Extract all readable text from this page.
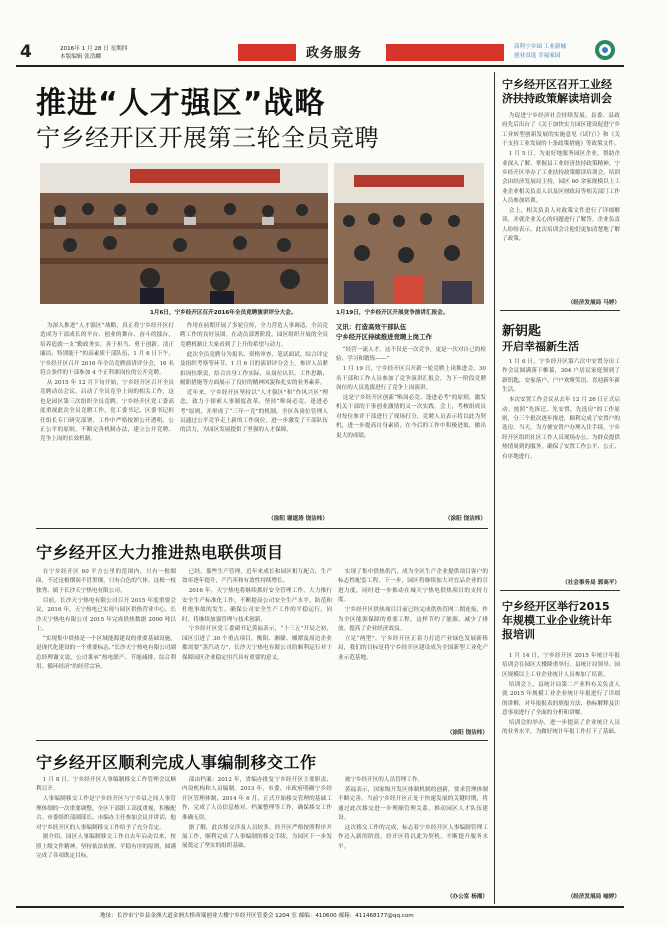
4	2016年 1 月 28 日 星期四
本版编辑 张浩麟	政务服务	高科宁乡园 工业新城
创业首选 幸福家园
推进“人才强区”战略
宁乡经开区开展第三轮全员竞聘
1月6日，宁乡经开区召开2016年全员竞聘演讲评分大会。	1月19日，宁乡经开区开展竞争演讲汇报会。

为深入推进“人才强区”战略，真正将宁乡经开区打造成为干部成长的平台、创业的舞台、奋斗的擂台，培养造就一支“勤政务实、善于担当、勇于创新、清正廉洁、特别能干”的高素质干部队伍，1 月 6 日下午，宁乡经开区召开 2016 年全员竞聘演讲评分会，16 名符合条件的干部参加 4 个正科职岗位的公开竞聘。

从 2015 年 12 月下旬开始，宁乡经开区召开全员竞聘动员会议，启动了全员竞争上岗的相关工作，这也是园区第三次组织全员竞聘。宁乡经开区党工委高度重视此次全员竞聘工作，党工委书记、区委书记担任组长专门研究部署，工作中严格按照公开透明、公正公平的原则，不断完善机制办法，建立公开竞聘、竞争上岗的长效机制。

作用在前期开展了多轮宣传，全力营造人事调适、全员竞聘工作的良好氛围。在动员部署阶段，园区组织开展的全员竞聘机制让大家看到了上升的希望与动力。

此次全员竞聘分为报名、资格审查、笔试面试、综合评定及组织考察等环节。1 月 6 日的演讲评分会上，参评人员紧扣岗位职责，结合自身工作实际，从岗位认识、工作思路、履职措施等方面展示了良好的精神风貌和扎实的业务素养。

近年来，宁乡经开区坚持以“人才强区”和“作风兴区”理念，致力于探索人事制度改革，坚持“唯岗必竞、逢进必考”原则，并形成了“三年一竞”的机制，全区各岗位管理人员通过公平竞争走上新的工作岗位，进一步激发了干部队伍的活力，为园区发展提供了坚强的人才保障。

（涂阳 谢道涛 饶洁炜）
又讯：打造高效干部队伍
宁乡经开区持续推进竞聘上岗工作

“经营一流人才，这不仅是一次竞争，更是一次对自己的检验、学习和锻炼——”

1 月 19 日，宁乡经开区召开新一轮竞聘上岗推进会，30 名干部和工作人员参加了竞争演讲汇报会，为下一阶段竞聘岗位的人员选拔进行了竞争上岗演讲。

这是宁乡经开区创新“唯岗必竞、逢进必考”的原则，激发机关干部的干事创业激情的又一次实践。会上，考核组成员对每位参评干部进行了现场打分，竞聘人员表示将以此为契机，进一步提高自身素质，在今后的工作中积极进取，做出更大的成绩。

（涂阳 饶洁炜）
宁乡经开区大力推进热电联供项目

在宁乡经开区 60 平方公里的范围内，只有一根烟囱，不过这根烟囱不冒黑烟，只有白色的气体。这根一枝独秀、属于长沙天宁热电有限公司。

目前，长沙天宁热电有限公司召开 2015 年度重要会议，2016 年，天宁热电已实现与园区供热营业中心。长沙天宁热电有限公司 2015 年完成供热数据 2000 吨以上。

“实现集中供热是一个区域能源建设的重要基础设施，是现代化建设的一个重要标志。”长沙天宁热电有限公司副总经理谢文说，公司秉承“热电联产、节能减排、综合利用、循环经济”的经营宗旨。

已经，那些生产管理，近年来成长和园区相互配合，生产效率逐年提升，产汽率和有效性持续增长。

2016 年，天宁热电将继续抓好安全管理工作，大力推行安全生产标准化工作，不断提高公司安全生产水平，防范和杜绝事故的发生，确保公司安全生产工作的平稳运行，同时，将继续加强管理与技术创新。

宁乡经开区党工委副书记黄福表示，“十三五”开局之初，园区引进了 30 个重点项目，衡阳、湘赣、湘潭及周边企业都需要“蒸汽动力”，长沙天宁热电有限公司的顺利运行对于保障园区企业稳定用汽具有重要的意义。

实现了集中供热供汽，成为全区生产企业提供项目客户的标志性配套工程。下一步，园区将继续加大对宜品企业的引进力度，同时进一步推动在城天宁热电供热项目的支持力度。

宁乡经开区供热项目目前已经完成供热管网二期连接，作为全区能源保障的重要工程，这样节约了能源，减少了排放，提高了企业经济效益。

立足“两型”，宁乡经开区正着力打造产业绿色发展新格局，我们的目标是将宁乡经开区建设成为全国新型工业化产业示范基地。

（涂阳 饶洁炜）
宁乡经开区顺利完成人事编制移交工作

1 月 8 日，宁乡经开区人事编制移交工作管理会议顺利召开。

人事编制移交工作是宁乡经开区与宁乡县之间人事管理体制的一次重要调整，全区干部职工高度重视，积极配合。市委组织部副部长、市编办主任参加会议并讲话，他对宁乡经开区的人事编制移交工作给予了充分肯定。

据介绍，园区人事编制移交工作自去年启动以来，按照上级文件精神，坚持依法依规、平稳有序的原则，圆满完成了各项既定目标。

部由档案：2012 年，省编办批复宁乡经开区主要职责、内设机构和人员编制。2013 年，市委、市政府明确宁乡经开区管理体制，2014 年 6 月，正式开始移交管理的基础工作，完成了人员信息核对、档案整理等工作，确保移交工作准确无误。

据了解，此次移交涉及人员较多，经开区严格按照程序开展工作，顺利完成了人事编制的移交手续，为园区下一步发展奠定了坚实的组织基础。

被宁乡经开区的人员管理工作。

黄福表示，国家级开发区体制机制的创新，要求管理体制不断完善。当前宁乡经开区正处于快速发展的关键时期，将通过此次移交进一步理顺管理关系，推动园区人才队伍建设。

这次移交工作的完成，标志着宁乡经开区人事编制管理工作迈入新的阶段，经开区将以此为契机，不断提升服务水平。

（办公室 杨湘）
宁乡经开区召开工业经济扶持政策解读培训会

为促进宁乡经济社会持续发展，县委、县政府先后出台了《关于加快实力园区建设促进宁乡工业转型创新发展的实施意见（试行）》和《关于支持工业发展的十条政策措施》等政策文件。

1 月 5 日，为更好地服务园区企业，帮助企业深入了解、掌握县工业经济扶持政策精神，宁乡经开区举办了工业扶持政策解读培训会。培训会由经济发展局主持，园区 60 余家规模以上工业企业相关负责人以及区财政局等相关部门工作人员参加培训。

会上，相关负责人对政策文件进行了详细解读，并就企业关心的问题进行了解答。企业负责人纷纷表示，此次培训会让他们更加清楚地了解了政策。

（经济发展局 马婷）
新钥匙
开启幸福新生活

1 月 6 日，宁乡经开区第六次中安置分房工作会议圆满落下帷幕，304 户居民家庭领到了新钥匙，安家落户，户户欢聚笑语、喜迎新年新生活。

本次安置工作会议从去年 12 月 26 日正式启动。按照“先拆迁、先安置，先选房”的工作原则，分三个批次逐步推进，顺利完成了安置户的选房。当天，为方便安置户办理入住手续，宁乡经开区组织社区工作人员现场办公，为群众提供热情周到的服务，确保了安置工作公平、公正、有序地进行。

（社会事务局 郭高平）
宁乡经开区举行2015 年规模工业企业统计年报培训

1 月 14 日，宁乡经开区 2015 年统计年报培训会在园区大楼隆重举行。县统计局领导、园区规模以上工业企业统计人员参加了培训。

培训会上，县统计局第二产业科有关负责人就 2015 年规模工业企业统计年报进行了详细的讲解，对年报报表的填报方法、指标解释及注意事项进行了全面的分析和讲解。

培训会的举办，进一步提高了企业统计人员的业务水平，为做好统计年报工作打下了基础。

（经济发展局 喻婷）
地址：长沙市宁乡县金洲大道金洲大桥西端创业大楼宁乡经开区管委会 1204 室 邮编：410600 邮箱：411468177@qq.com
